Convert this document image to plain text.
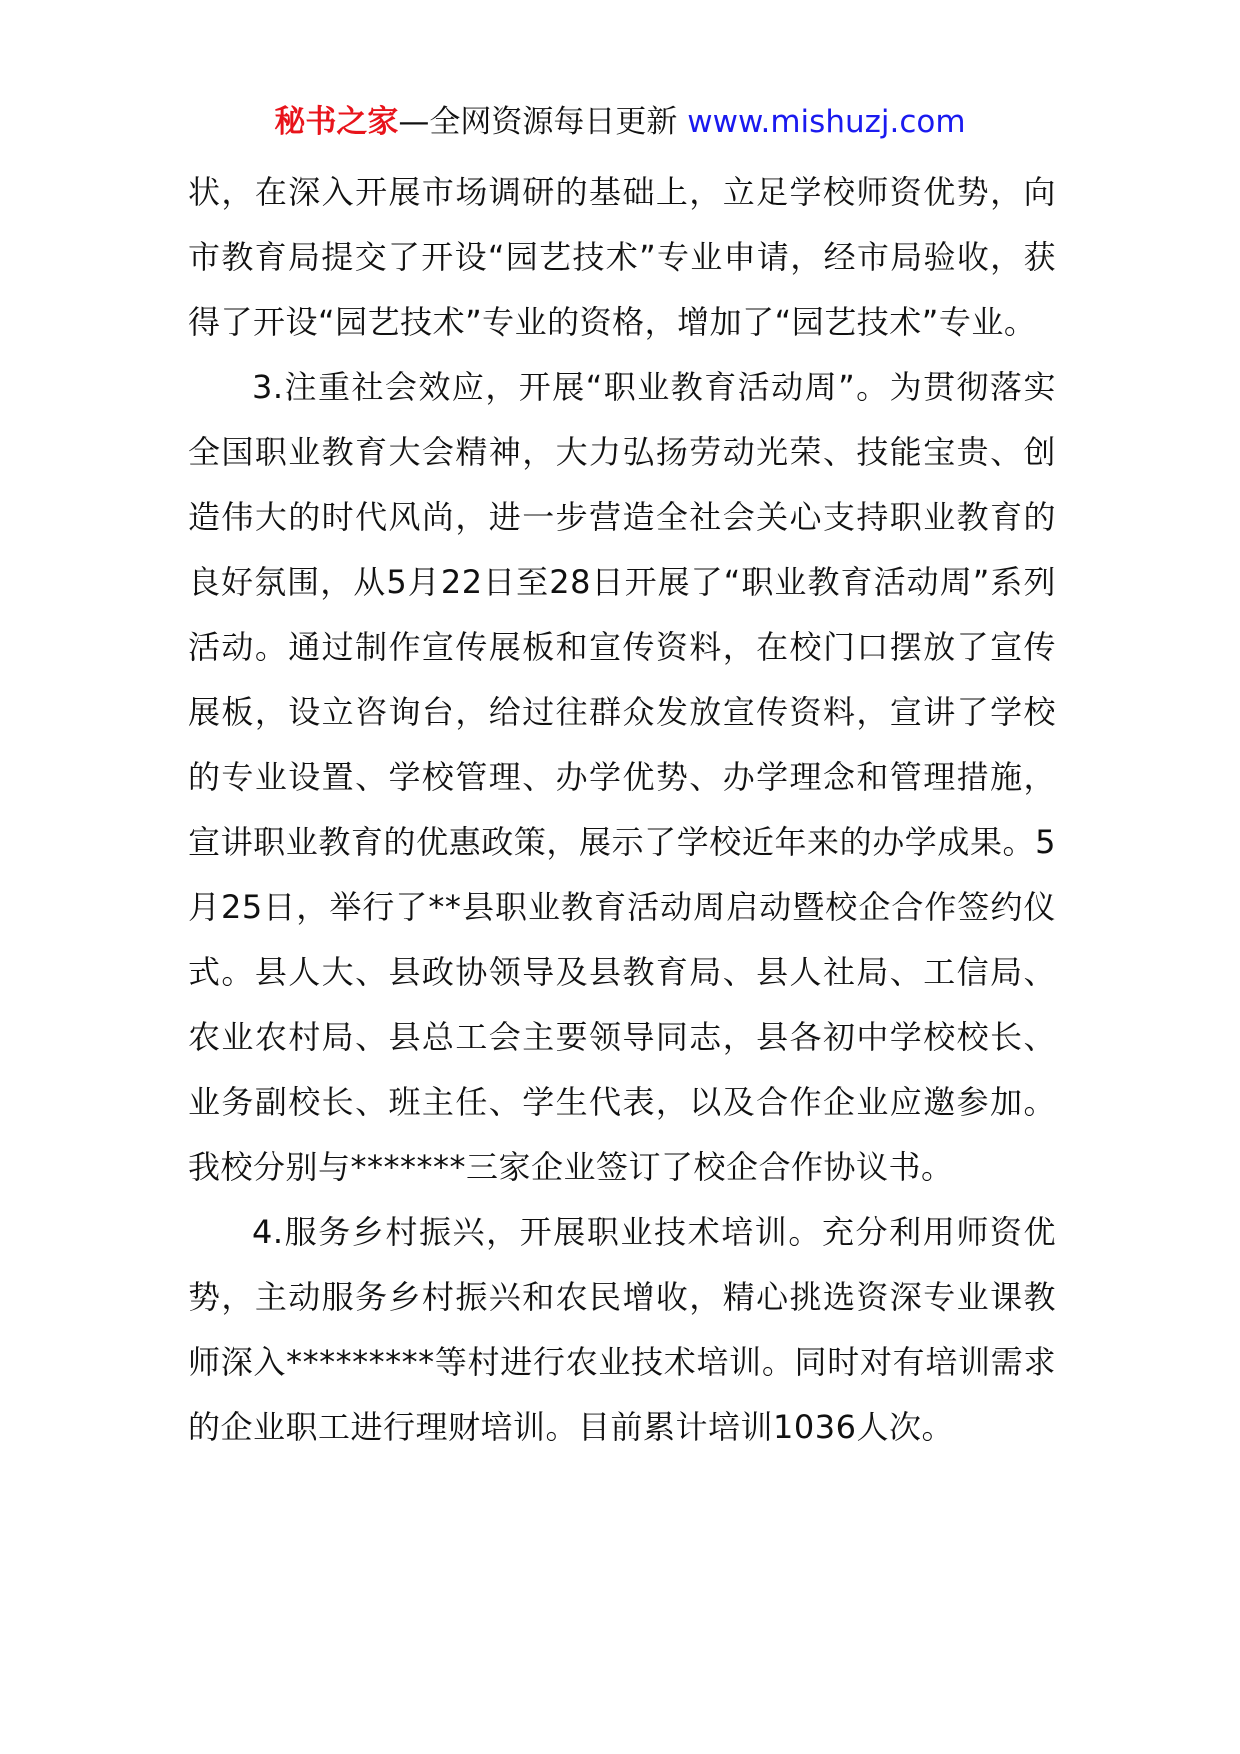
秘书之家—全网资源每日更新 www.mishuzj.com

状，在深入开展市场调研的基础上，立足学校师资优势，向市教育局提交了开设“园艺技术”专业申请，经市局验收，获得了开设“园艺技术”专业的资格，增加了“园艺技术”专业。

3.注重社会效应，开展“职业教育活动周”。为贯彻落实全国职业教育大会精神，大力弘扬劳动光荣、技能宝贵、创造伟大的时代风尚，进一步营造全社会关心支持职业教育的良好氛围，从5月22日至28日开展了“职业教育活动周”系列活动。通过制作宣传展板和宣传资料，在校门口摆放了宣传展板，设立咨询台，给过往群众发放宣传资料，宣讲了学校的专业设置、学校管理、办学优势、办学理念和管理措施，宣讲职业教育的优惠政策，展示了学校近年来的办学成果。5月25日，举行了**县职业教育活动周启动暨校企合作签约仪式。县人大、县政协领导及县教育局、县人社局、工信局、农业农村局、县总工会主要领导同志，县各初中学校校长、业务副校长、班主任、学生代表，以及合作企业应邀参加。我校分别与*******三家企业签订了校企合作协议书。

4.服务乡村振兴，开展职业技术培训。充分利用师资优势，主动服务乡村振兴和农民增收，精心挑选资深专业课教师深入*********等村进行农业技术培训。同时对有培训需求的企业职工进行理财培训。目前累计培训1036人次。
